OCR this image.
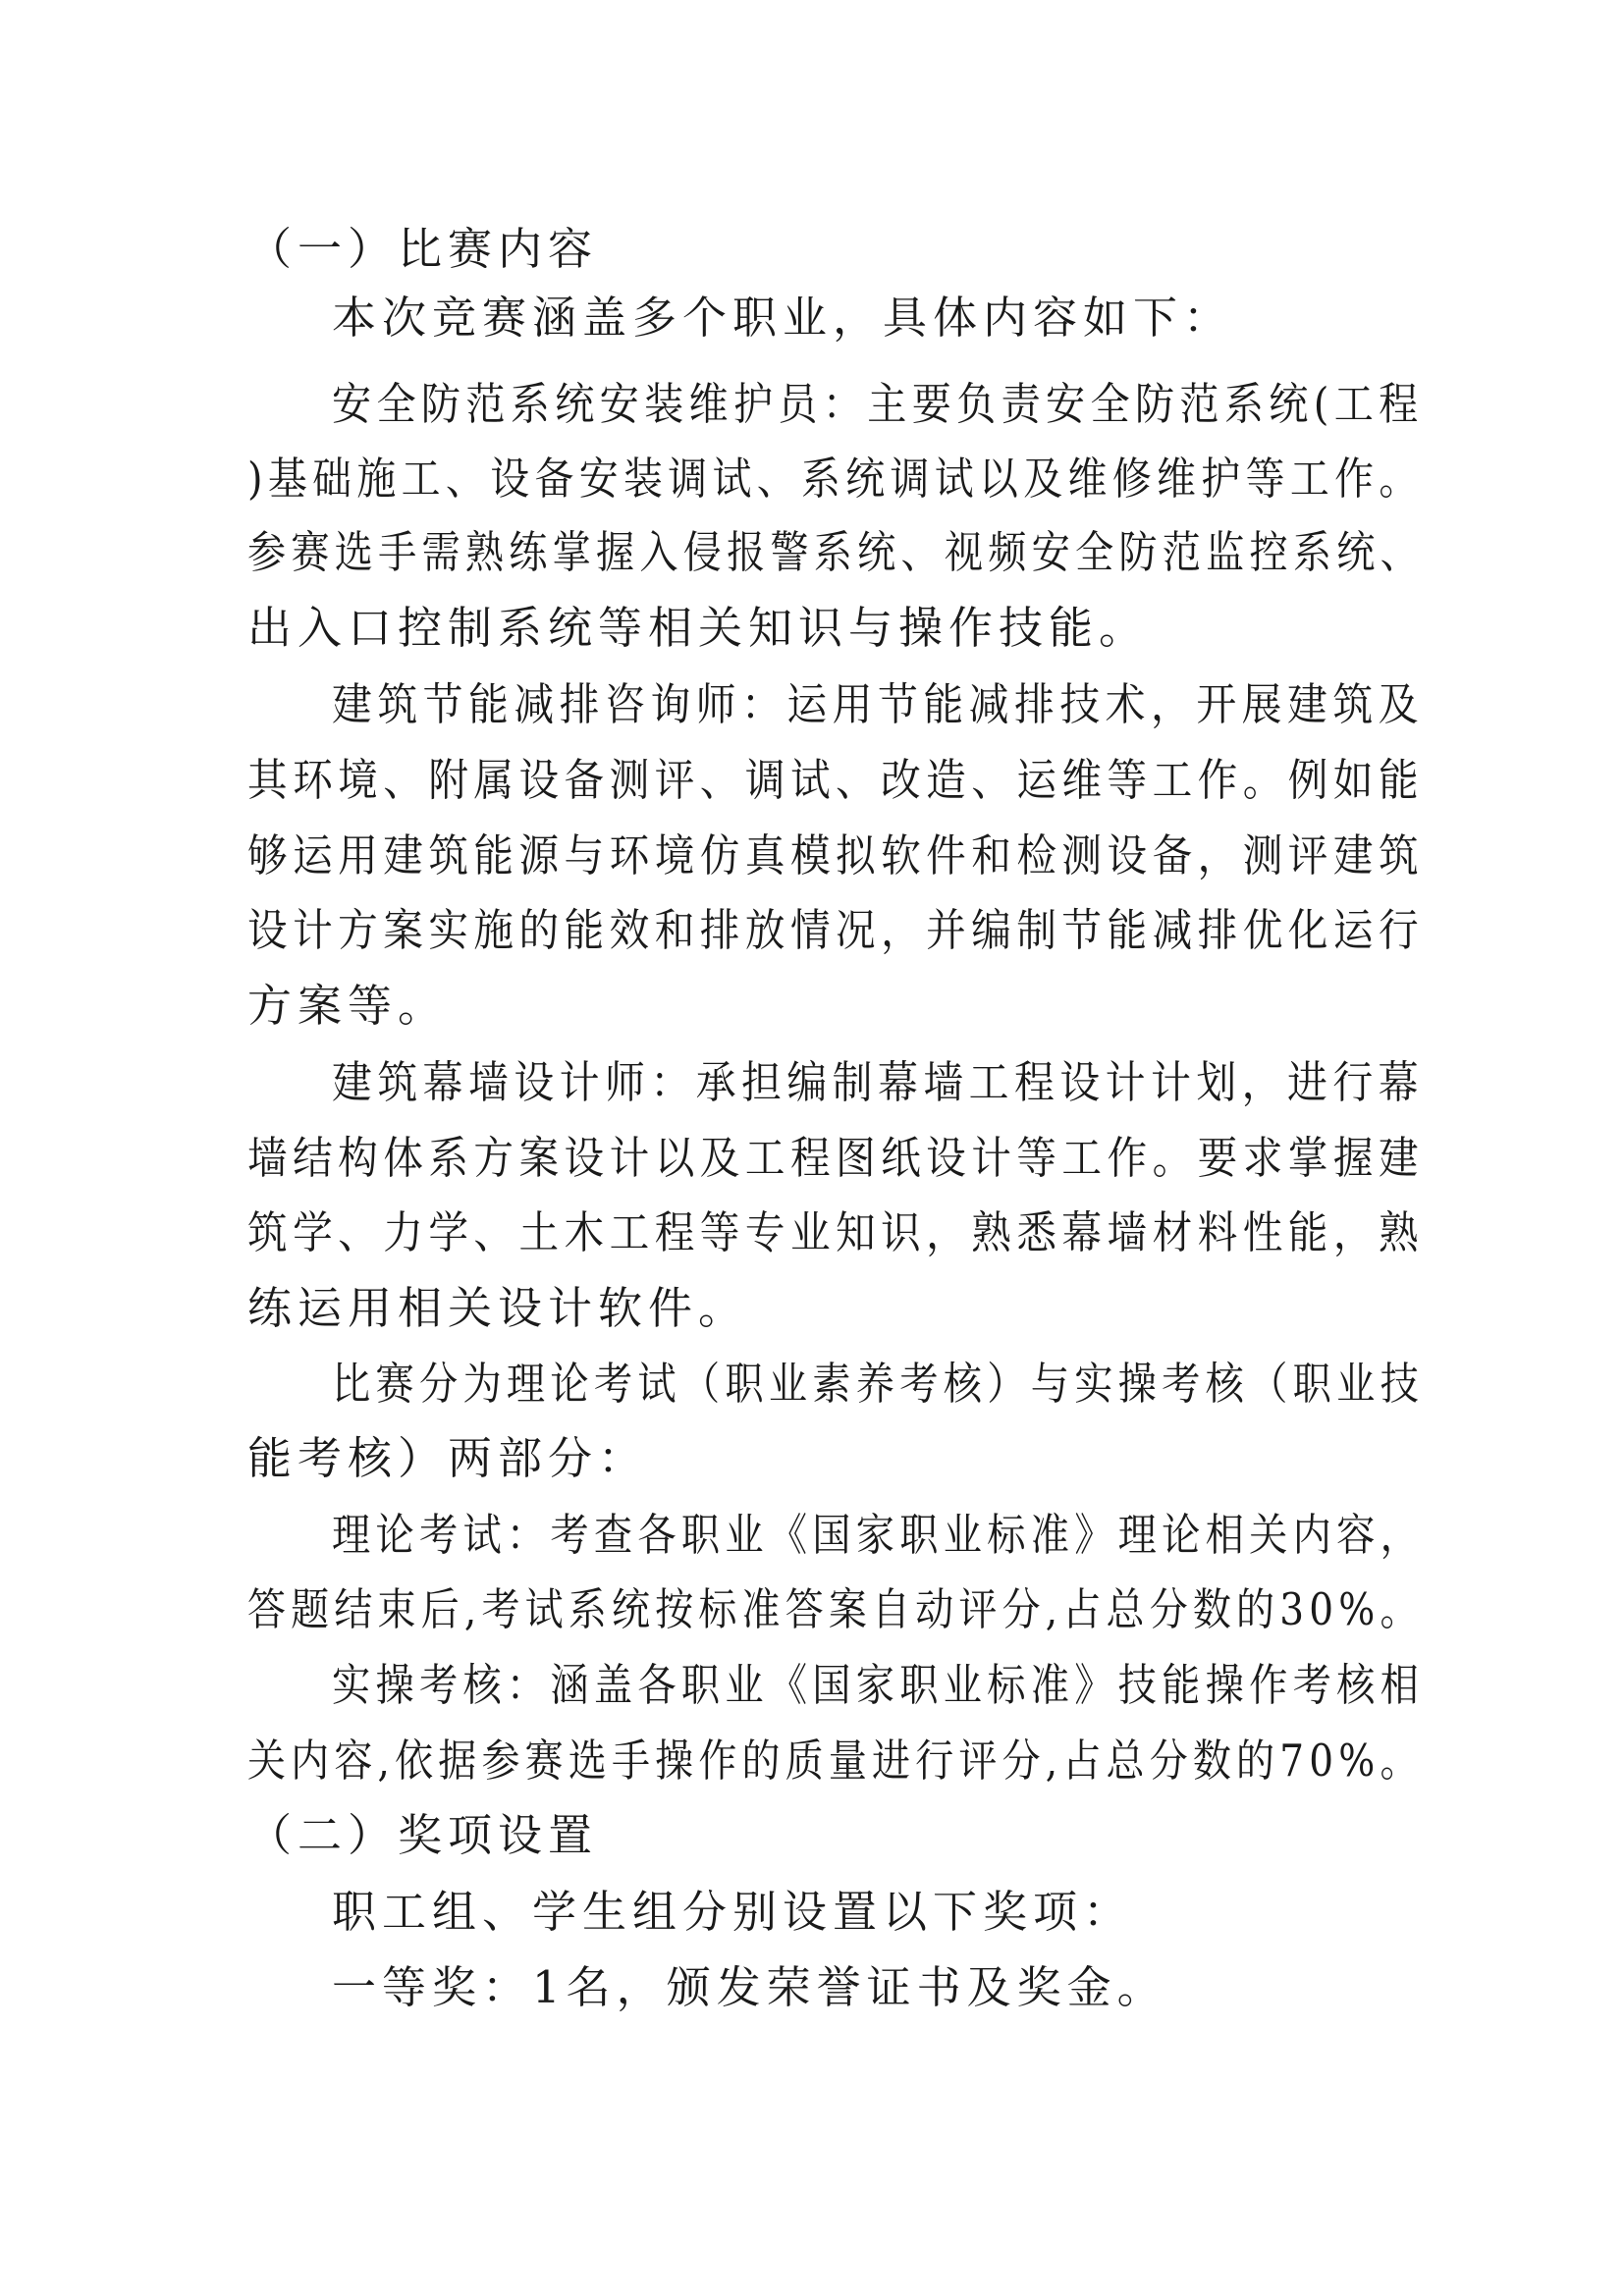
（一）比赛内容
本次竞赛涵盖多个职业，具体内容如下：
安全防范系统安装维护员：主要负责安全防范系统(工程
)基础施工、设备安装调试、系统调试以及维修维护等工作。
参赛选手需熟练掌握入侵报警系统、视频安全防范监控系统、
出入口控制系统等相关知识与操作技能。
建筑节能减排咨询师：运用节能减排技术，开展建筑及
其环境、附属设备测评、调试、改造、运维等工作。例如能
够运用建筑能源与环境仿真模拟软件和检测设备，测评建筑
设计方案实施的能效和排放情况，并编制节能减排优化运行
方案等。
建筑幕墙设计师：承担编制幕墙工程设计计划，进行幕
墙结构体系方案设计以及工程图纸设计等工作。要求掌握建
筑学、力学、土木工程等专业知识，熟悉幕墙材料性能，熟
练运用相关设计软件。
比赛分为理论考试（职业素养考核）与实操考核（职业技
能考核）两部分：
理论考试：考查各职业《国家职业标准》理论相关内容，
答题结束后,考试系统按标准答案自动评分,占总分数的30%。
实操考核：涵盖各职业《国家职业标准》技能操作考核相
关内容,依据参赛选手操作的质量进行评分,占总分数的70%。
（二）奖项设置
职工组、学生组分别设置以下奖项：
一等奖：1名，颁发荣誉证书及奖金。
